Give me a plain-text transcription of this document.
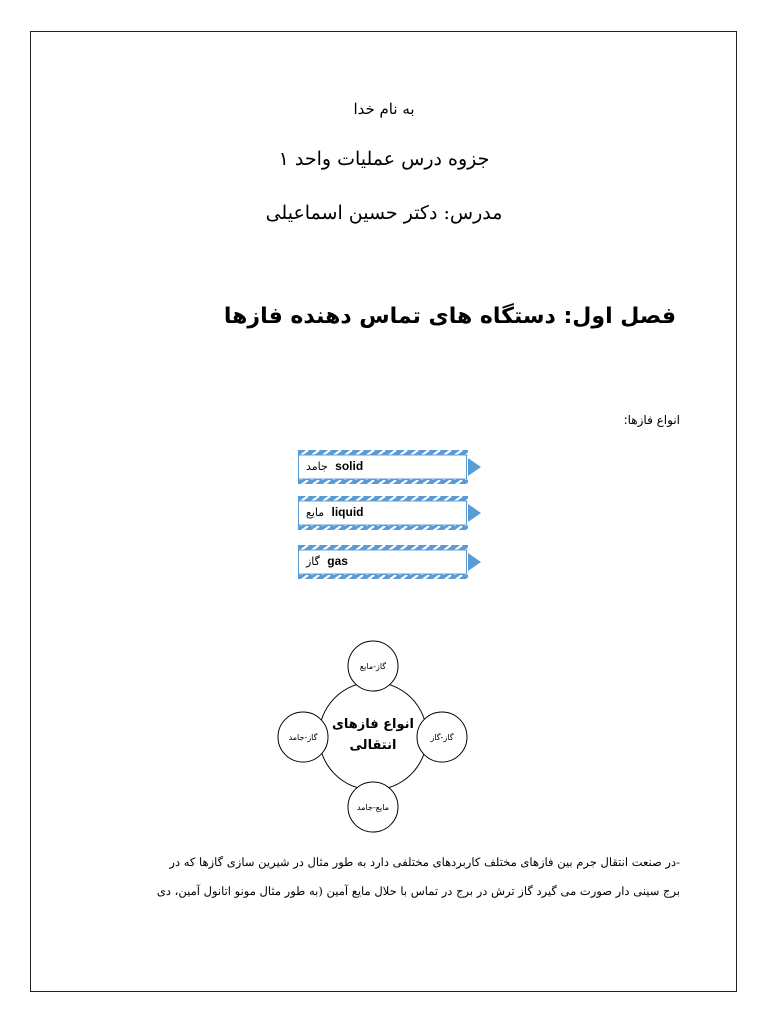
به نام خدا
جزوه درس عملیات واحد ۱
مدرس: دکتر حسین اسماعیلی
فصل اول: دستگاه های تماس دهنده فازها
انواع فازها:
جامد solid
مایع liquid
گاز gas
انواع فازهای
انتقالی
گاز-مایع
گاز-گاز
مایع-جامد
گاز-جامد
-در صنعت انتقال جرم بین فازهای مختلف کاربردهای مختلفی دارد به طور مثال در شیرین سازی گازها که در
برج سینی دار صورت می گیرد گاز ترش در برج در تماس با حلال مایع آمین (به طور مثال مونو اتانول آمین، دی
